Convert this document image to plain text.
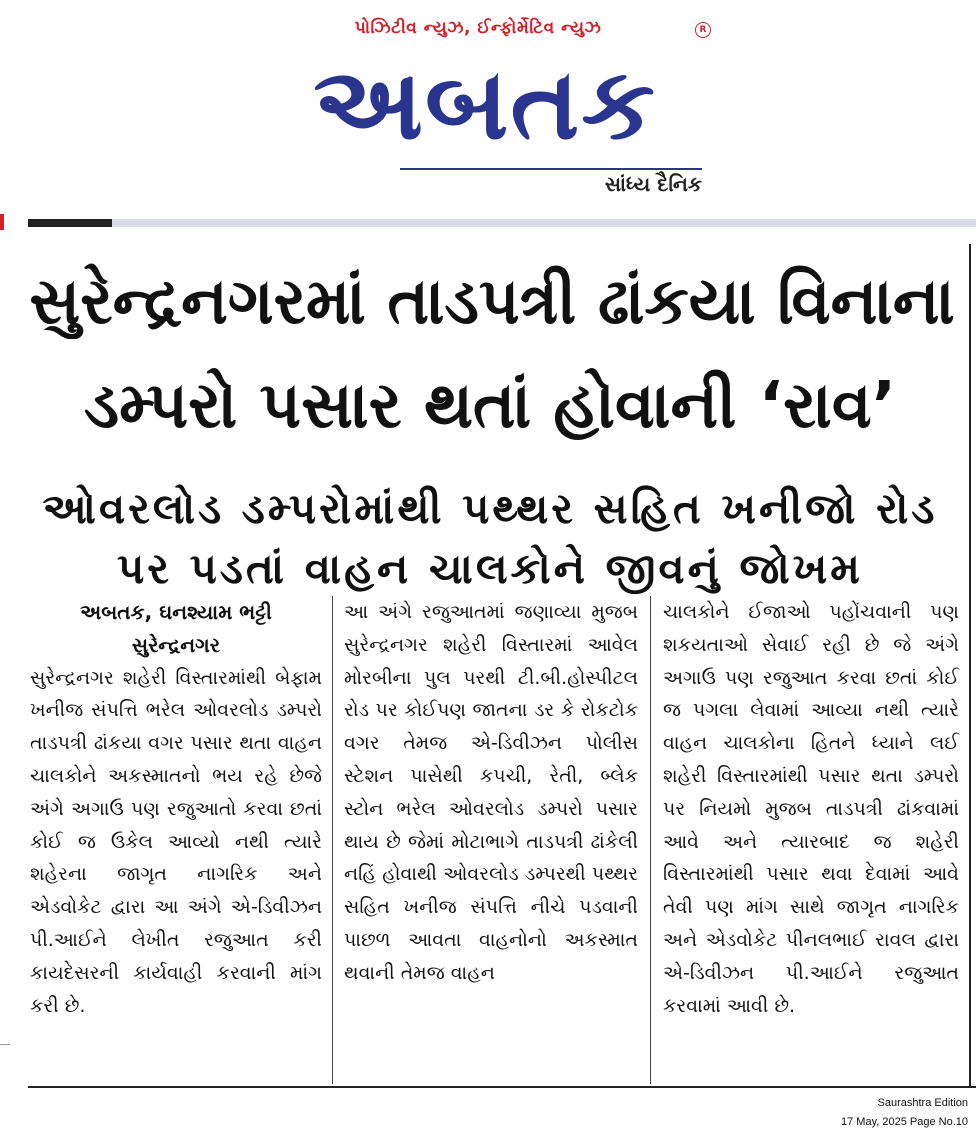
પોઝિટીવ ન્યુઝ, ઈન્ફોર્મેટિવ ન્યુઝ	R
અબતક
સાંધ્ય દૈનિક
સુરેન્દ્રનગરમાં તાડપત્રી ઢાંકયા વિનાના
ડમ્પરો પસાર થતાં હોવાની ‘રાવ’
ઓવરલોડ ડમ્પરોમાંથી પથ્થર સહિત ખનીજો રોડ
પર પડતાં વાહન ચાલકોને જીવનું જોખમ
અબતક, ઘનશ્યામ ભટ્ટી
સુરેન્દ્રનગર
સુરેન્દ્રનગર શહેરી વિસ્તારમાંથી બેફામ ખનીજ સંપત્તિ ભરેલ ઓવરલોડ ડમ્પરો તાડપત્રી ઢાંકયા વગર પસાર થતા વાહન ચાલકોને અકસ્માતનો ભય રહે છેજે અંગે અગાઉ પણ રજુઆતો કરવા છતાં કોઈ જ ઉકેલ આવ્યો નથી ત્યારે શહેરના જાગૃત નાગરિક અને એડવોકેટ દ્વારા આ અંગે એ-ડિવીઝન પી.આઈને લેખીત રજુઆત કરી કાયદેસરની કાર્યવાહી કરવાની માંગ કરી છે.
આ અંગે રજુઆતમાં જણાવ્યા મુજબ સુરેન્દ્રનગર શહેરી વિસ્તારમાં આવેલ મોરબીના પુલ પરથી ટી.બી.હોસ્પીટલ રોડ પર કોઈપણ જાતના ડર કે રોકટોક વગર તેમજ એ-ડિવીઝન પોલીસ સ્ટેશન પાસેથી કપચી, રેતી, બ્લેક સ્ટોન ભરેલ ઓવરલોડ ડમ્પરો પસાર થાય છે જેમાં મોટાભાગે તાડપત્રી ઢાંકેલી નહિં હોવાથી ઓવરલોડ ડમ્પરથી પથ્થર સહિત ખનીજ સંપત્તિ નીચે પડવાની પાછળ આવતા વાહનોનો અકસ્માત થવાની તેમજ વાહન
ચાલકોને ઈજાઓ પહોંચવાની પણ શકયતાઓ સેવાઈ રહી છે જે અંગે અગાઉ પણ રજુઆત કરવા છતાં કોઈ જ પગલા લેવામાં આવ્યા નથી ત્યારે વાહન ચાલકોના હિતને ધ્યાને લઈ શહેરી વિસ્તારમાંથી પસાર થતા ડમ્પરો પર નિયમો મુજબ તાડપત્રી ઢાંકવામાં આવે અને ત્યારબાદ જ શહેરી વિસ્તારમાંથી પસાર થવા દેવામાં આવે તેવી પણ માંગ સાથે જાગૃત નાગરિક અને એડવોકેટ પીનલભાઈ રાવલ દ્વારા એ-ડિવીઝન પી.આઈને રજુઆત કરવામાં આવી છે.
Saurashtra Edition
17 May, 2025 Page No.10
